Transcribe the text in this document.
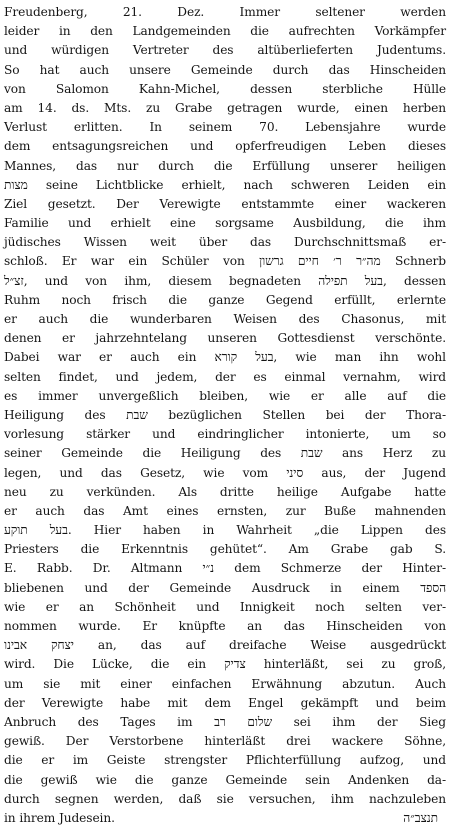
Freudenberg, 21. Dez. Immer seltener werden
leider in den Landgemeinden die aufrechten Vorkämpfer
und würdigen Vertreter des altüberlieferten Judentums.
So hat auch unsere Gemeinde durch das Hinscheiden
von Salomon Kahn-Michel, dessen sterbliche Hülle
am 14. ds. Mts. zu Grabe getragen wurde, einen herben
Verlust erlitten. In seinem 70. Lebensjahre wurde
dem entsagungsreichen und opferfreudigen Leben dieses
Mannes, das nur durch die Erfüllung unserer heiligen
מצות seine Lichtblicke erhielt, nach schweren Leiden ein
Ziel gesetzt. Der Verewigte entstammte einer wackeren
Familie und erhielt eine sorgsame Ausbildung, die ihm
jüdisches Wissen weit über das Durchschnittsmaß er-
schloß. Er war ein Schüler von מה״ר ר׳ חיים גרשון Schnerb
זצ״ל, und von ihm, diesem begnadeten בעל תפילה, dessen
Ruhm noch frisch die ganze Gegend erfüllt, erlernte
er auch die wunderbaren Weisen des Chasonus, mit
denen er jahrzehntelang unseren Gottesdienst verschönte.
Dabei war er auch ein בעל קורא, wie man ihn wohl
selten findet, und jedem, der es einmal vernahm, wird
es immer unvergeßlich bleiben, wie er alle auf die
Heiligung des שבת bezüglichen Stellen bei der Thora-
vorlesung stärker und eindringlicher intonierte, um so
seiner Gemeinde die Heiligung des שבת ans Herz zu
legen, und das Gesetz, wie vom סיני aus, der Jugend
neu zu verkünden. Als dritte heilige Aufgabe hatte
er auch das Amt eines ernsten, zur Buße mahnenden
בעל תוקע. Hier haben in Wahrheit „die Lippen des
Priesters die Erkenntnis gehütet“. Am Grabe gab S.
E. Rabb. Dr. Altmann נ״י dem Schmerze der Hinter-
bliebenen und der Gemeinde Ausdruck in einem הספד
wie er an Schönheit und Innigkeit noch selten ver-
nommen wurde. Er knüpfte an das Hinscheiden von
יצחק אבינו an, das auf dreifache Weise ausgedrückt
wird. Die Lücke, die ein צדיק hinterläßt, sei zu groß,
um sie mit einer einfachen Erwähnung abzutun. Auch
der Verewigte habe mit dem Engel gekämpft und beim
Anbruch des Tages im שלום רב sei ihm der Sieg
gewiß. Der Verstorbene hinterläßt drei wackere Söhne,
die er im Geiste strengster Pflichterfüllung aufzog, und
die gewiß wie die ganze Gemeinde sein Andenken da-
durch segnen werden, daß sie versuchen, ihm nachzuleben
in ihrem Judesein.	תנצב״ה
